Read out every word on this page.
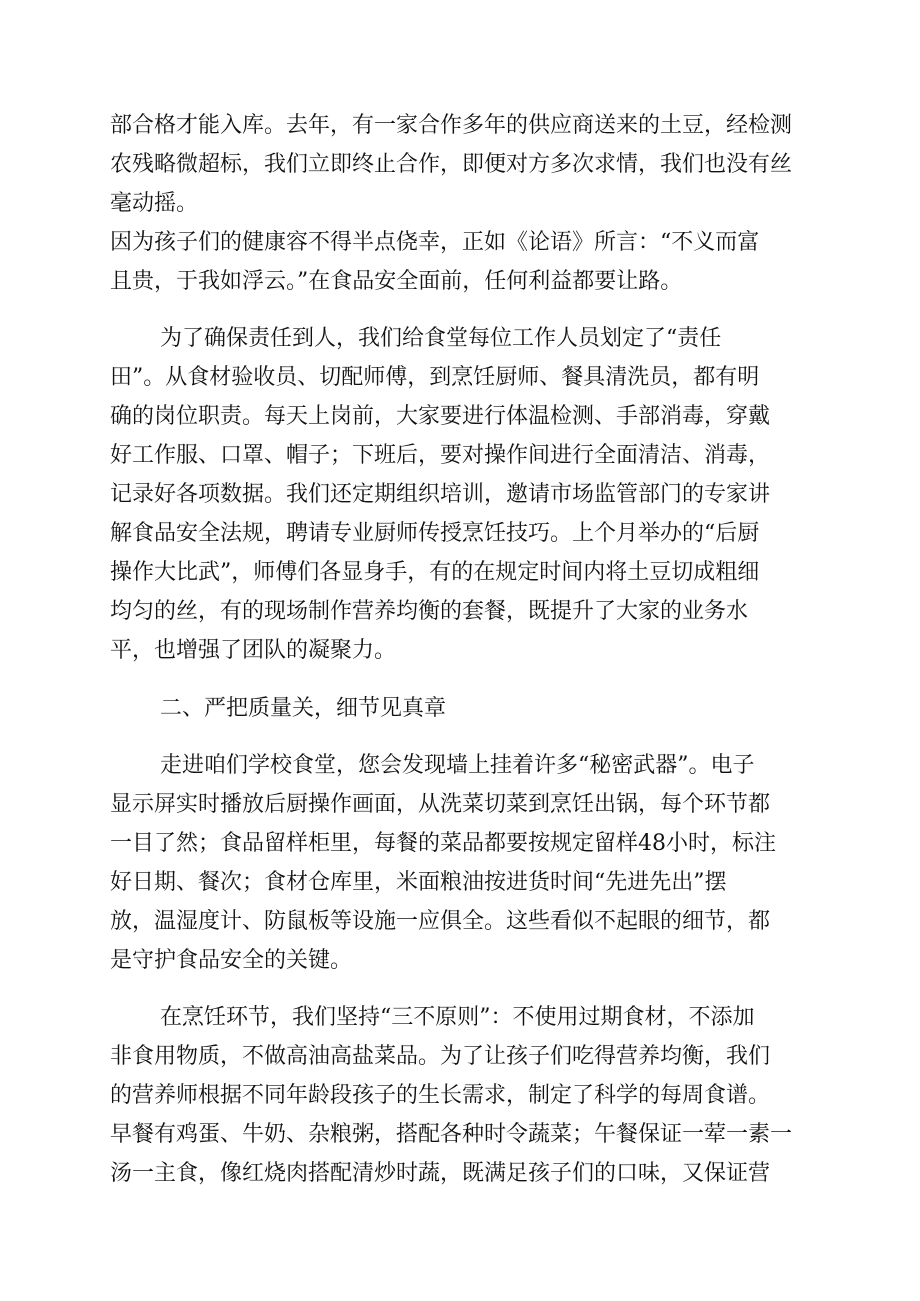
部合格才能入库。去年，有一家合作多年的供应商送来的土豆，经检测
农残略微超标，我们立即终止合作，即便对方多次求情，我们也没有丝
毫动摇。
因为孩子们的健康容不得半点侥幸，正如《论语》所言：“不义而富
且贵，于我如浮云。”在食品安全面前，任何利益都要让路。
为了确保责任到人，我们给食堂每位工作人员划定了“责任
田”。从食材验收员、切配师傅，到烹饪厨师、餐具清洗员，都有明
确的岗位职责。每天上岗前，大家要进行体温检测、手部消毒，穿戴
好工作服、口罩、帽子；下班后，要对操作间进行全面清洁、消毒，
记录好各项数据。我们还定期组织培训，邀请市场监管部门的专家讲
解食品安全法规，聘请专业厨师传授烹饪技巧。上个月举办的“后厨
操作大比武”，师傅们各显身手，有的在规定时间内将土豆切成粗细
均匀的丝，有的现场制作营养均衡的套餐，既提升了大家的业务水
平，也增强了团队的凝聚力。
二、严把质量关，细节见真章
走进咱们学校食堂，您会发现墙上挂着许多“秘密武器”。电子
显示屏实时播放后厨操作画面，从洗菜切菜到烹饪出锅，每个环节都
一目了然；食品留样柜里，每餐的菜品都要按规定留样48小时，标注
好日期、餐次；食材仓库里，米面粮油按进货时间“先进先出”摆
放，温湿度计、防鼠板等设施一应俱全。这些看似不起眼的细节，都
是守护食品安全的关键。
在烹饪环节，我们坚持“三不原则”：不使用过期食材，不添加
非食用物质，不做高油高盐菜品。为了让孩子们吃得营养均衡，我们
的营养师根据不同年龄段孩子的生长需求，制定了科学的每周食谱。
早餐有鸡蛋、牛奶、杂粮粥，搭配各种时令蔬菜；午餐保证一荤一素一
汤一主食，像红烧肉搭配清炒时蔬，既满足孩子们的口味，又保证营
